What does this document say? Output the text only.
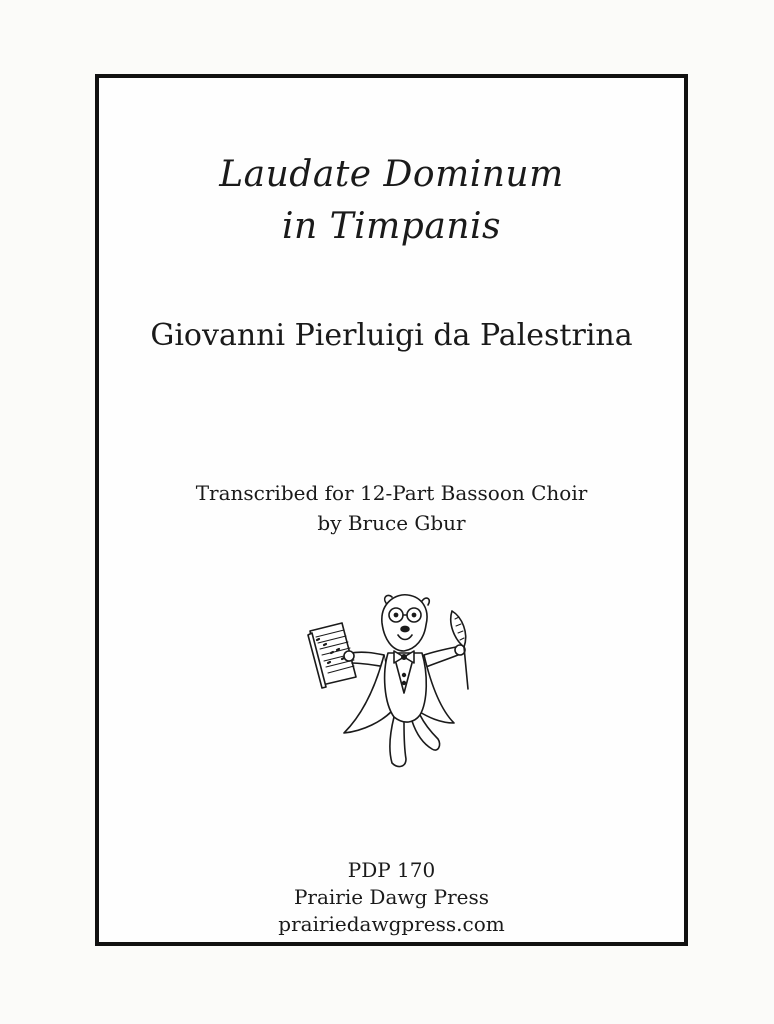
Laudate Dominum
in Timpanis
Giovanni Pierluigi da Palestrina
Transcribed for 12-Part Bassoon Choir
by Bruce Gbur
PDP 170
Prairie Dawg Press
prairiedawgpress.com
